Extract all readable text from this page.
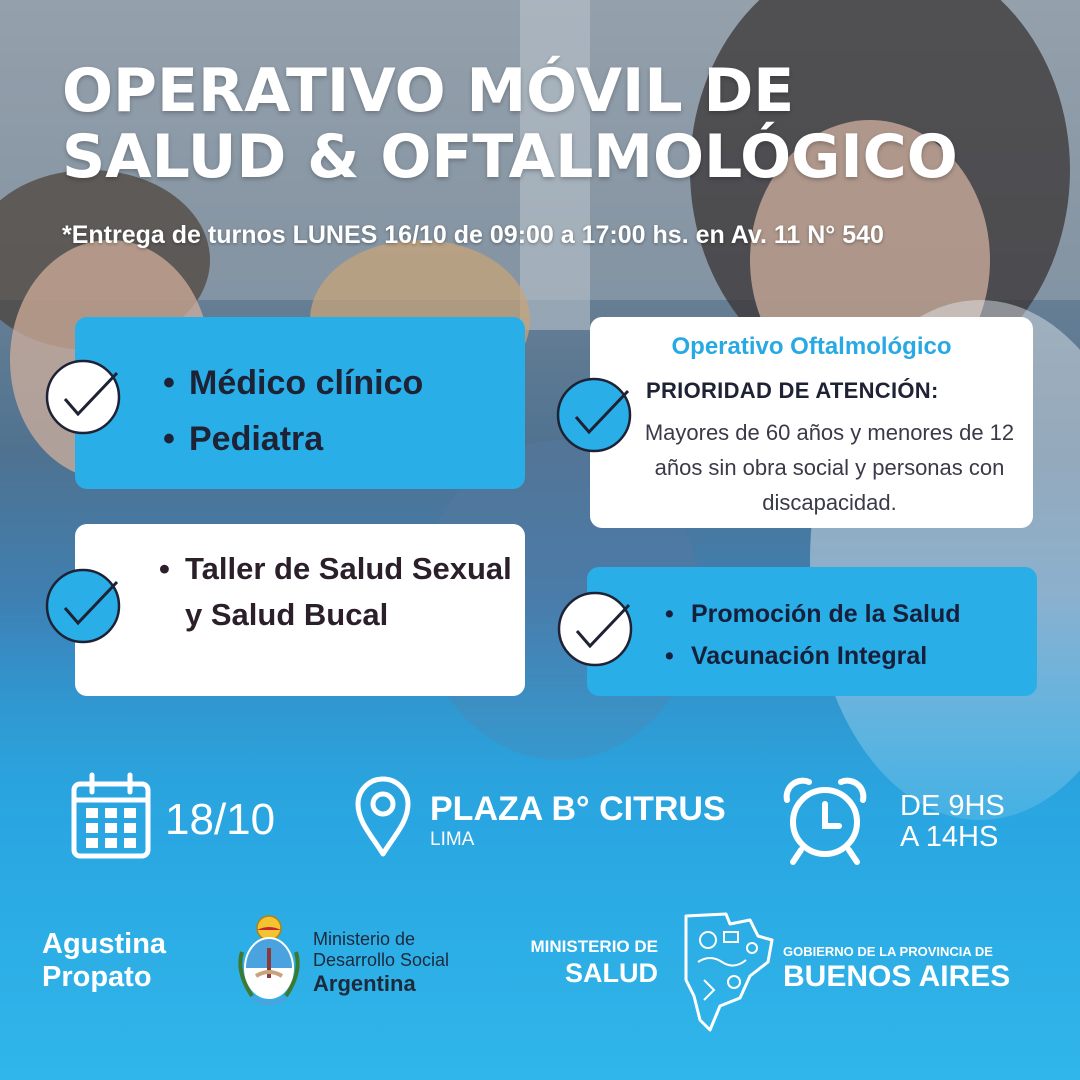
OPERATIVO MÓVIL DE
SALUD & OFTALMOLÓGICO
*Entrega de turnos LUNES 16/10 de 09:00 a 17:00 hs. en Av. 11 N° 540
• Médico clínico
• Pediatra
Operativo Oftalmológico
PRIORIDAD DE ATENCIÓN:
Mayores de 60 años y menores de 12 años sin obra social y personas con discapacidad.
• Taller de Salud Sexual y Salud Bucal
•	Promoción de la Salud
• Vacunación Integral
18/10	PLAZA B° CITRUS
LIMA
DE 9HS
A 14HS
Agustina
Propato
Ministerio de
Desarrollo Social
Argentina
MINISTERIO DE
SALUD
GOBIERNO DE LA PROVINCIA DE
BUENOS AIRES
